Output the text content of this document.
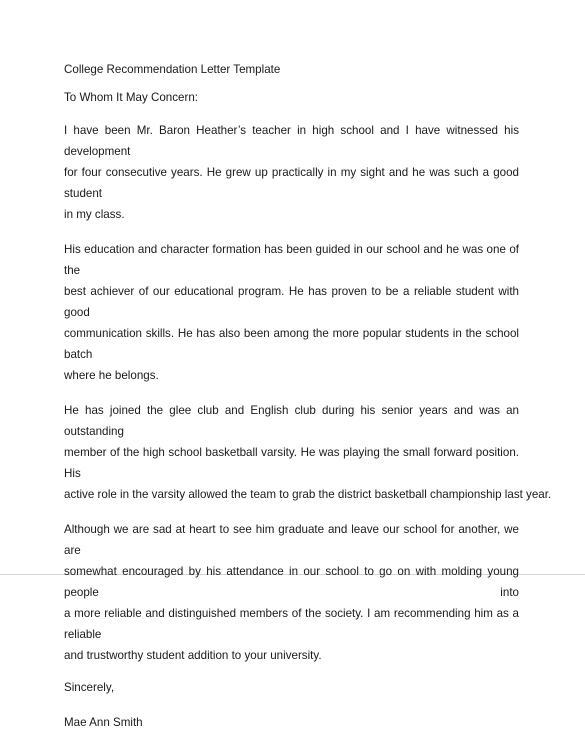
College Recommendation Letter Template
To Whom It May Concern:
I have been Mr. Baron Heather’s teacher in high school and I have witnessed his development
for four consecutive years. He grew up practically in my sight and he was such a good student
in my class.
His education and character formation has been guided in our school and he was one of the
best achiever of our educational program. He has proven to be a reliable student with good
communication skills. He has also been among the more popular students in the school batch
where he belongs.
He has joined the glee club and English club during his senior years and was an outstanding
member of the high school basketball varsity. He was playing the small forward position. His
active role in the varsity allowed the team to grab the district basketball championship last year.
Although we are sad at heart to see him graduate and leave our school for another, we are
somewhat encouraged by his attendance in our school to go on with molding young people into
a more reliable and distinguished members of the society. I am recommending him as a reliable
and trustworthy student addition to your university.
Sincerely,
Mae Ann Smith
